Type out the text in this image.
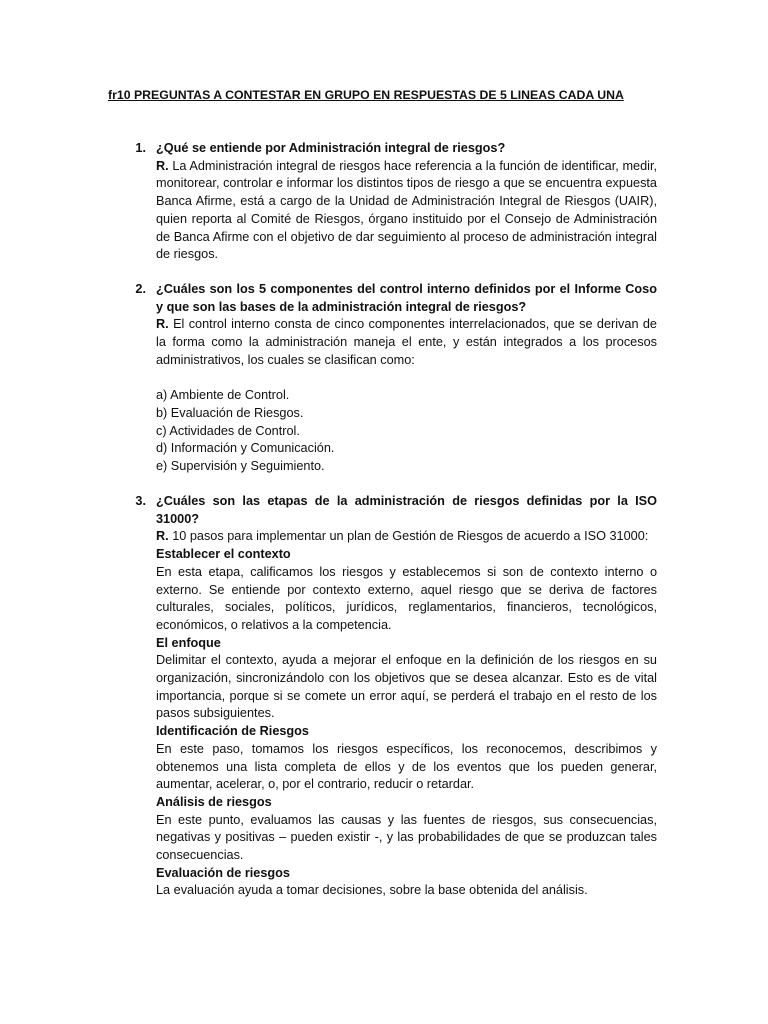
fr10 PREGUNTAS A CONTESTAR EN GRUPO EN RESPUESTAS DE 5 LINEAS CADA UNA
1. ¿Qué se entiende por Administración integral de riesgos?

R. La Administración integral de riesgos hace referencia a la función de identificar, medir, monitorear, controlar e informar los distintos tipos de riesgo a que se encuentra expuesta Banca Afirme, está a cargo de la Unidad de Administración Integral de Riesgos (UAIR), quien reporta al Comité de Riesgos, órgano instituido por el Consejo de Administración de Banca Afirme con el objetivo de dar seguimiento al proceso de administración integral de riesgos.

2. ¿Cuáles son los 5 componentes del control interno definidos por el Informe Coso y que son las bases de la administración integral de riesgos?

R. El control interno consta de cinco componentes interrelacionados, que se derivan de la forma como la administración maneja el ente, y están integrados a los procesos administrativos, los cuales se clasifican como:

a) Ambiente de Control.
b) Evaluación de Riesgos.
c) Actividades de Control.
d) Información y Comunicación.
e) Supervisión y Seguimiento.
3. ¿Cuáles son las etapas de la administración de riesgos definidas por la ISO 31000?

R. 10 pasos para implementar un plan de Gestión de Riesgos de acuerdo a ISO 31000:

Establecer el contexto

En esta etapa, calificamos los riesgos y establecemos si son de contexto interno o externo. Se entiende por contexto externo, aquel riesgo que se deriva de factores culturales, sociales, políticos, jurídicos, reglamentarios, financieros, tecnológicos, económicos, o relativos a la competencia.

El enfoque

Delimitar el contexto, ayuda a mejorar el enfoque en la definición de los riesgos en su organización, sincronizándolo con los objetivos que se desea alcanzar. Esto es de vital importancia, porque si se comete un error aquí, se perderá el trabajo en el resto de los pasos subsiguientes.

Identificación de Riesgos

En este paso, tomamos los riesgos específicos, los reconocemos, describimos y obtenemos una lista completa de ellos y de los eventos que los pueden generar, aumentar, acelerar, o, por el contrario, reducir o retardar.

Análisis de riesgos

En este punto, evaluamos las causas y las fuentes de riesgos, sus consecuencias, negativas y positivas – pueden existir -, y las probabilidades de que se produzcan tales consecuencias.

Evaluación de riesgos

La evaluación ayuda a tomar decisiones, sobre la base obtenida del análisis.
